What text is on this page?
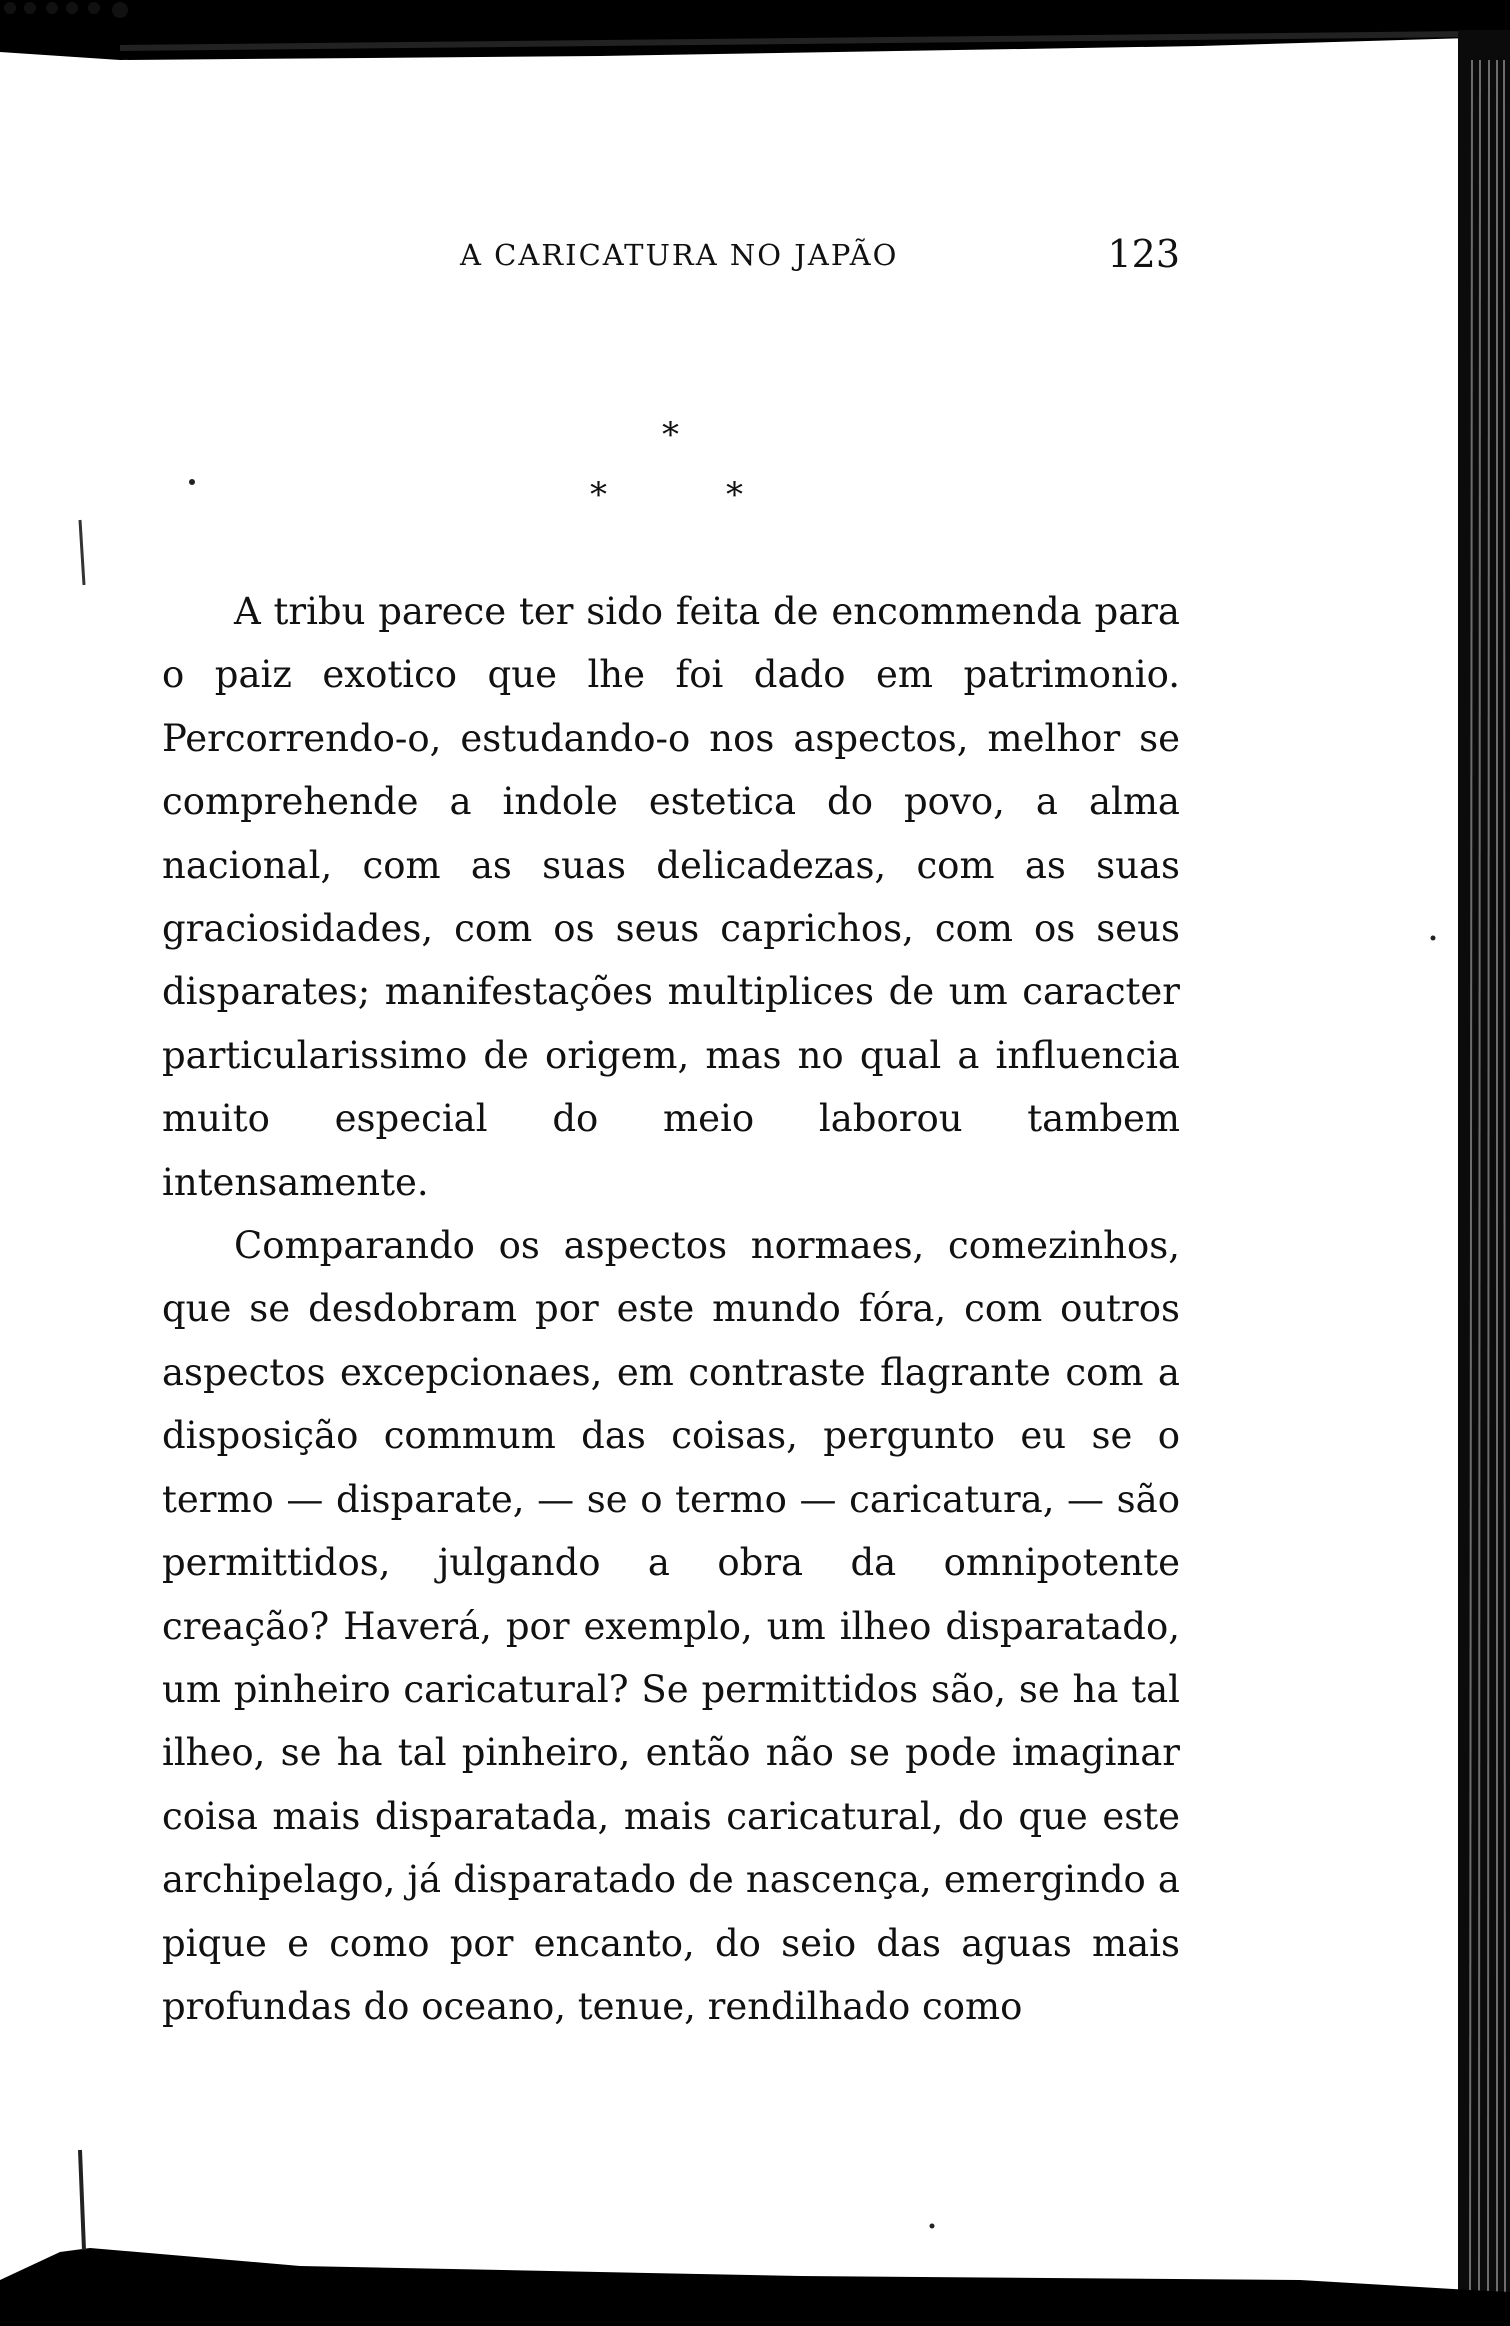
A CARICATURA NO JAPÃO	123
*
*	*

A tribu parece ter sido feita de encommenda para o paiz exotico que lhe foi dado em patrimonio. Percorrendo-o, estudando-o nos aspectos, melhor se comprehende a indole estetica do povo, a alma nacional, com as suas delicadezas, com as suas graciosidades, com os seus caprichos, com os seus disparates; manifestações multiplices de um caracter particularissimo de origem, mas no qual a influencia muito especial do meio laborou tambem intensamente.

Comparando os aspectos normaes, comezinhos, que se desdobram por este mundo fóra, com outros aspectos excepcionaes, em contraste flagrante com a disposição commum das coisas, pergunto eu se o termo — disparate, — se o termo — caricatura, — são permittidos, julgando a obra da omnipotente creação? Haverá, por exemplo, um ilheo disparatado, um pinheiro caricatural? Se permittidos são, se ha tal ilheo, se ha tal pinheiro, então não se pode imaginar coisa mais disparatada, mais caricatural, do que este archipelago, já disparatado de nascença, emergindo a pique e como por encanto, do seio das aguas mais profundas do oceano, tenue, rendilhado como
